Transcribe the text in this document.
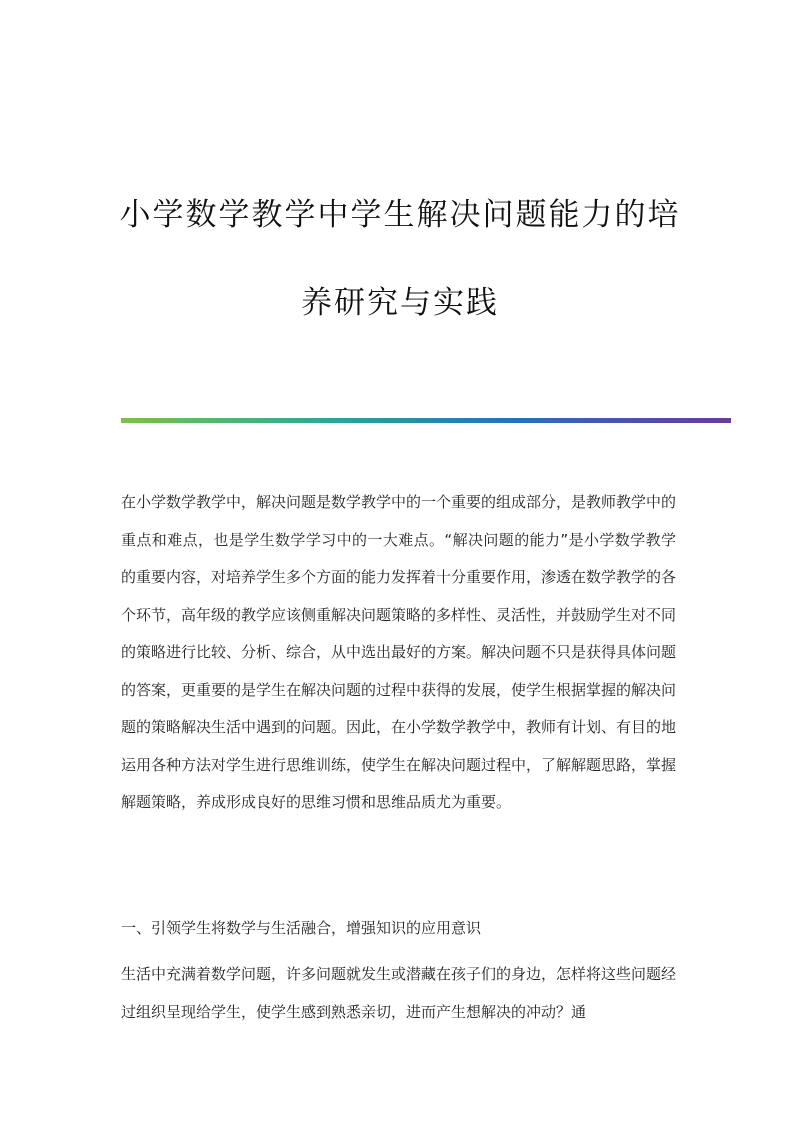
小学数学教学中学生解决问题能力的培
养研究与实践
在小学数学教学中，解决问题是数学教学中的一个重要的组成部分，是教师教学中的重点和难点，也是学生数学学习中的一大难点。“解决问题的能力”是小学数学教学的重要内容，对培养学生多个方面的能力发挥着十分重要作用，渗透在数学教学的各个环节，高年级的教学应该侧重解决问题策略的多样性、灵活性，并鼓励学生对不同的策略进行比较、分析、综合，从中选出最好的方案。解决问题不只是获得具体问题的答案，更重要的是学生在解决问题的过程中获得的发展，使学生根据掌握的解决问题的策略解决生活中遇到的问题。因此，在小学数学教学中，教师有计划、有目的地运用各种方法对学生进行思维训练，使学生在解决问题过程中，了解解题思路，掌握解题策略，养成形成良好的思维习惯和思维品质尤为重要。
一、引领学生将数学与生活融合，增强知识的应用意识
生活中充满着数学问题，许多问题就发生或潜藏在孩子们的身边，怎样将这些问题经过组织呈现给学生，使学生感到熟悉亲切，进而产生想解决的冲动？通
